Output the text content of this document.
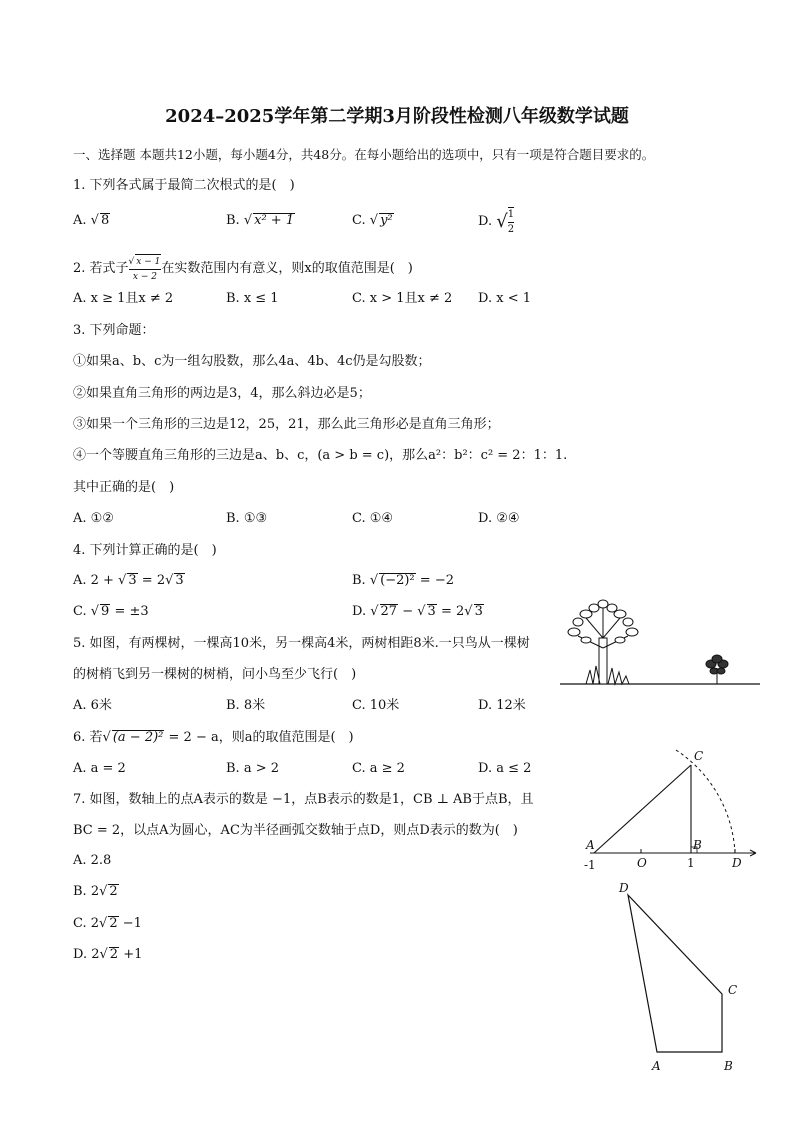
2024–2025学年第二学期3月阶段性检测八年级数学试题
一、选择题 本题共12小题，每小题4分，共48分。在每小题给出的选项中，只有一项是符合题目要求的。
1. 下列各式属于最简二次根式的是(　)
A. √ 8	B. √ x² + 1	C. √ y²	D. √ $\frac{1}{2}$
2. 若式子 √ $\frac{x - 1}{x - 2}$ 在实数范围内有意义，则x的取值范围是(　)
A. x ≥ 1且x ≠ 2	B. x ≤ 1	C. x > 1且x ≠ 2 D. x < 1
3. 下列命题：
①如果a、b、c为一组勾股数，那么4a、4b、4c仍是勾股数；
②如果直角三角形的两边是3，4，那么斜边必是5；
③如果一个三角形的三边是12，25，21，那么此三角形必是直角三角形；
④一个等腰直角三角形的三边是a、b、c，(a > b = c)，那么a²：b²：c² = 2：1：1.
其中正确的是(　)
A. ①②	B. ①③	C. ①④	D. ②④
4. 下列计算正确的是(　)
A. 2 + √ 3 = 2 √ 3	B. √ (−2)² = −2
C. √ 9 = ±3	D. √ 27 − √ 3 = 2 √ 3
5. 如图，有两棵树，一棵高10米，另一棵高4米，两树相距8米.一只鸟从一棵树
的树梢飞到另一棵树的树梢，问小鸟至少飞行(　)
A. 6米	B. 8米	C. 10米	D. 12米
6. 若 √ (a − 2)² = 2 − a，则a的取值范围是(　)
A. a = 2	B. a > 2	C. a ≥ 2	D. a ≤ 2
7. 如图，数轴上的点A表示的数是 −1，点B表示的数是1，CB ⊥ AB于点B，且
BC = 2，以点A为圆心，AC为半径画弧交数轴于点D，则点D表示的数为(　)
A. 2.8
B. 2 √ 2
C. 2 √ 2 −1
D. 2 √ 2 +1
A	B
C
O	D
-1	1
D
C
A	B
